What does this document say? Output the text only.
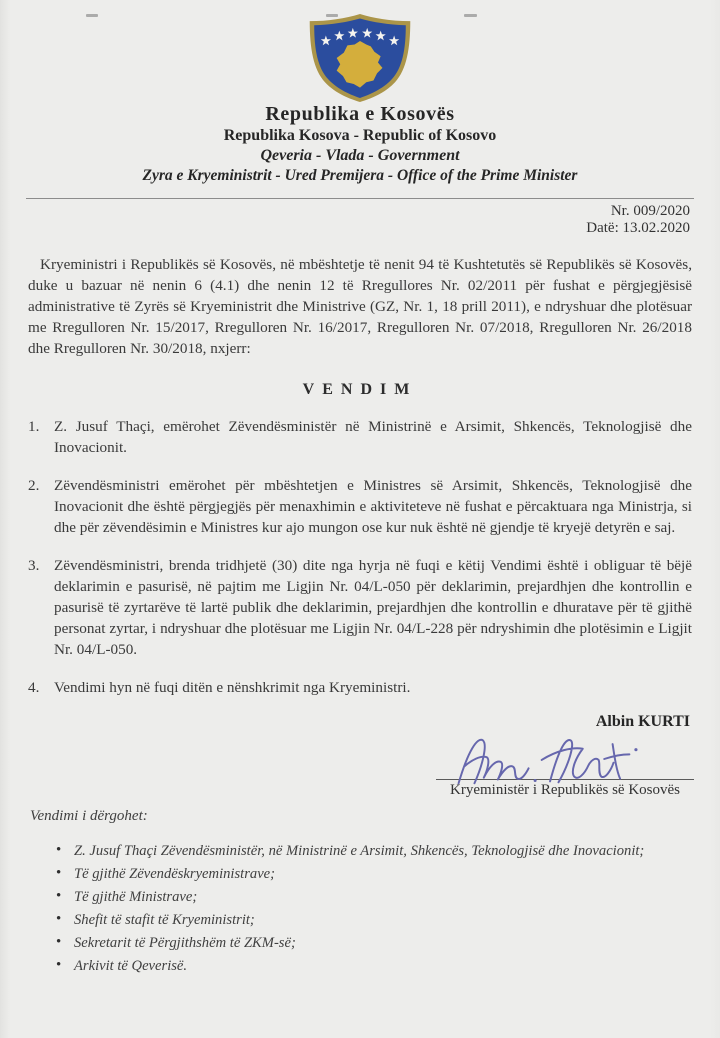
Republika e Kosovës
Republika Kosova - Republic of Kosovo
Qeveria - Vlada - Government
Zyra e Kryeministrit - Ured Premijera - Office of the Prime Minister
Nr. 009/2020
Datë: 13.02.2020

Kryeministri i Republikës së Kosovës, në mbështetje të nenit 94 të Kushtetutës së Republikës së Kosovës, duke u bazuar në nenin 6 (4.1) dhe nenin 12 të Rregullores Nr. 02/2011 për fushat e përgjegjësisë administrative të Zyrës së Kryeministrit dhe Ministrive (GZ, Nr. 1, 18 prill 2011), e ndryshuar dhe plotësuar me Rregulloren Nr. 15/2017, Rregulloren Nr. 16/2017, Rregulloren Nr. 07/2018, Rregulloren Nr. 26/2018 dhe Rregulloren Nr. 30/2018, nxjerr:

VENDIM
1. Z. Jusuf Thaçi, emërohet Zëvendësministër në Ministrinë e Arsimit, Shkencës, Teknologjisë dhe Inovacionit.
2. Zëvendësministri emërohet për mbështetjen e Ministres së Arsimit, Shkencës, Teknologjisë dhe Inovacionit dhe është përgjegjës për menaxhimin e aktiviteteve në fushat e përcaktuara nga Ministrja, si dhe për zëvendësimin e Ministres kur ajo mungon ose kur nuk është në gjendje të kryejë detyrën e saj.
3. Zëvendësministri, brenda tridhjetë (30) dite nga hyrja në fuqi e këtij Vendimi është i obliguar të bëjë deklarimin e pasurisë, në pajtim me Ligjin Nr. 04/L-050 për deklarimin, prejardhjen dhe kontrollin e pasurisë të zyrtarëve të lartë publik dhe deklarimin, prejardhjen dhe kontrollin e dhuratave për të gjithë personat zyrtar, i ndryshuar dhe plotësuar me Ligjin Nr. 04/L-228 për ndryshimin dhe plotësimin e Ligjit Nr. 04/L-050.
4. Vendimi hyn në fuqi ditën e nënshkrimit nga Kryeministri.
Albin KURTI
Kryeministër i Republikës së Kosovës
Vendimi i dërgohet:
• Z. Jusuf Thaçi Zëvendësministër, në Ministrinë e Arsimit, Shkencës, Teknologjisë dhe Inovacionit;
• Të gjithë Zëvendëskryeministrave;
• Të gjithë Ministrave;
• Shefit të stafit të Kryeministrit;
• Sekretarit të Përgjithshëm të ZKM-së;
• Arkivit të Qeverisë.
